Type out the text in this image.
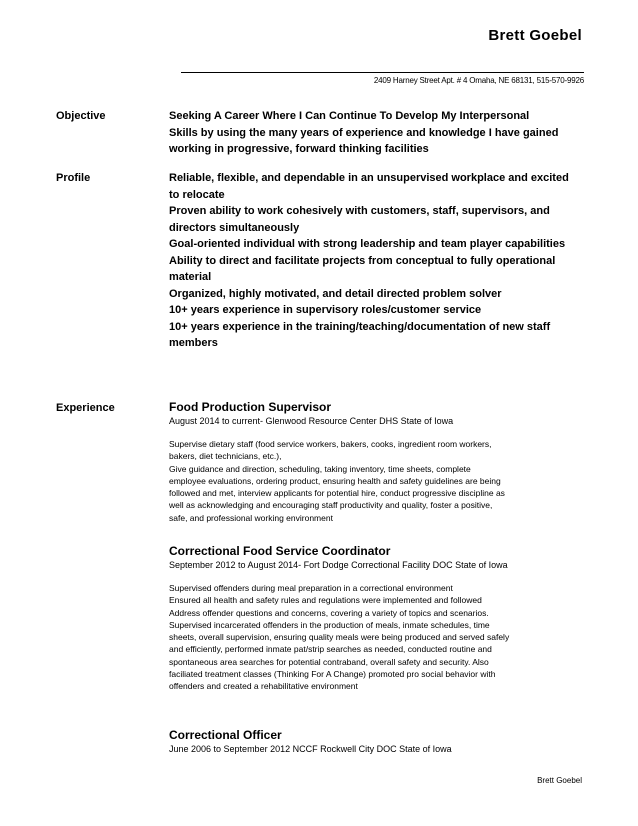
Brett Goebel
2409 Harney Street Apt. # 4 Omaha, NE 68131, 515-570-9926
Objective	Seeking A Career Where I Can Continue To Develop My Interpersonal
Skills by using the many years of experience and knowledge I have gained
working in progressive, forward thinking facilities
Profile	Reliable, flexible, and dependable in an unsupervised workplace and excited
to relocate
Proven ability to work cohesively with customers, staff, supervisors, and
directors simultaneously
Goal-oriented individual with strong leadership and team player capabilities
Ability to direct and facilitate projects from conceptual to fully operational
material
Organized, highly motivated, and detail directed problem solver
10+ years experience in supervisory roles/customer service
10+ years experience in the training/teaching/documentation of new staff
members
Experience	Food Production Supervisor
August 2014 to current- Glenwood Resource Center DHS State of Iowa
Supervise dietary staff (food service workers, bakers, cooks, ingredient room workers,
bakers, diet technicians, etc.),
Give guidance and direction, scheduling, taking inventory, time sheets, complete
employee evaluations, ordering product, ensuring health and safety guidelines are being
followed and met, interview applicants for potential hire, conduct progressive discipline as
well as acknowledging and encouraging staff productivity and quality, foster a positive,
safe, and professional working environment
Correctional Food Service Coordinator
September 2012 to August 2014- Fort Dodge Correctional Facility DOC State of Iowa
Supervised offenders during meal preparation in a correctional environment
Ensured all health and safety rules and regulations were implemented and followed
Address offender questions and concerns, covering a variety of topics and scenarios.
Supervised incarcerated offenders in the production of meals, inmate schedules, time
sheets, overall supervision, ensuring quality meals were being produced and served safely
and efficiently, performed inmate pat/strip searches as needed, conducted routine and
spontaneous area searches for potential contraband, overall safety and security. Also
faciliated treatment classes (Thinking For A Change) promoted pro social behavior with
offenders and created a rehabilitative environment
Correctional Officer
June 2006 to September 2012 NCCF Rockwell City DOC State of Iowa
Brett Goebel
